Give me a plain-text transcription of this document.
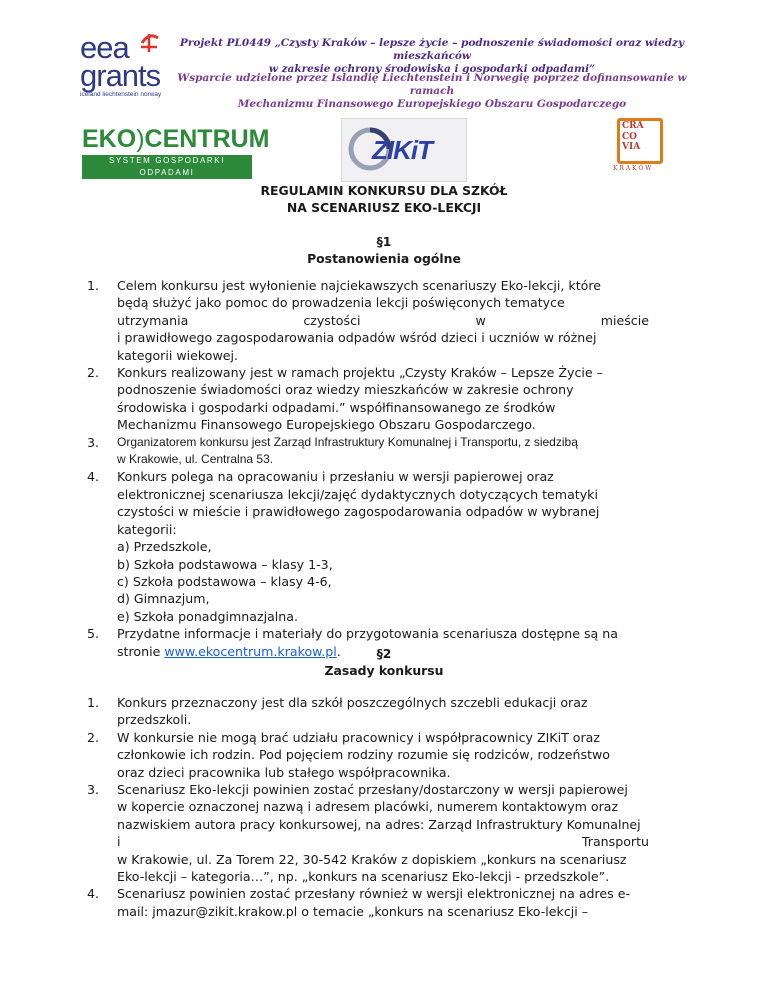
eea
grants
iceland liechtenstein norway
Projekt PL0449 „Czysty Kraków – lepsze życie – podnoszenie świadomości oraz wiedzy mieszkańców
w zakresie ochrony środowiska i gospodarki odpadami”
Wsparcie udzielone przez Islandię Liechtenstein i Norwegię poprzez dofinansowanie w ramach
Mechanizmu Finansowego Europejskiego Obszaru Gospodarczego
EKO)CENTRUM
SYSTEM GOSPODARKI ODPADAMI
ZIKiT
CRA
CO
VIA
K R A K Ó W
REGULAMIN KONKURSU DLA SZKÓŁ
NA SCENARIUSZ EKO-LEKCJI
§1
Postanowienia ogólne
1. Celem konkursu jest wyłonienie najciekawszych scenariuszy Eko-lekcji, które
będą służyć jako pomoc do prowadzenia lekcji poświęconych tematyce
utrzymania	czystości	w	mieście
i prawidłowego zagospodarowania odpadów wśród dzieci i uczniów w różnej
kategorii wiekowej.
2. Konkurs realizowany jest w ramach projektu „Czysty Kraków – Lepsze Życie –
podnoszenie świadomości oraz wiedzy mieszkańców w zakresie ochrony
środowiska i gospodarki odpadami.” współfinansowanego ze środków
Mechanizmu Finansowego Europejskiego Obszaru Gospodarczego.
3. Organizatorem konkursu jest Zarząd Infrastruktury Komunalnej i Transportu, z siedzibą
w Krakowie, ul. Centralna 53.
4. Konkurs polega na opracowaniu i przesłaniu w wersji papierowej oraz
elektronicznej scenariusza lekcji/zajęć dydaktycznych dotyczących tematyki
czystości w mieście i prawidłowego zagospodarowania odpadów w wybranej
kategorii:
a) Przedszkole,
b) Szkoła podstawowa – klasy 1-3,
c) Szkoła podstawowa – klasy 4-6,
d) Gimnazjum,
e) Szkoła ponadgimnazjalna.
5. Przydatne informacje i materiały do przygotowania scenariusza dostępne są na
stronie www.ekocentrum.krakow.pl.	§2
Zasady konkursu
1. Konkurs przeznaczony jest dla szkół poszczególnych szczebli edukacji oraz
przedszkoli.
2. W konkursie nie mogą brać udziału pracownicy i współpracownicy ZIKiT oraz
członkowie ich rodzin. Pod pojęciem rodziny rozumie się rodziców, rodzeństwo
oraz dzieci pracownika lub stałego współpracownika.
3. Scenariusz Eko-lekcji powinien zostać przesłany/dostarczony w wersji papierowej
w kopercie oznaczonej nazwą i adresem placówki, numerem kontaktowym oraz
nazwiskiem autora pracy konkursowej, na adres: Zarząd Infrastruktury Komunalnej
i	Transportu
w Krakowie, ul. Za Torem 22, 30-542 Kraków z dopiskiem „konkurs na scenariusz
Eko-lekcji – kategoria…”, np. „konkurs na scenariusz Eko-lekcji - przedszkole”.
4. Scenariusz powinien zostać przesłany również w wersji elektronicznej na adres e-
mail: jmazur@zikit.krakow.pl o temacie „konkurs na scenariusz Eko-lekcji –
